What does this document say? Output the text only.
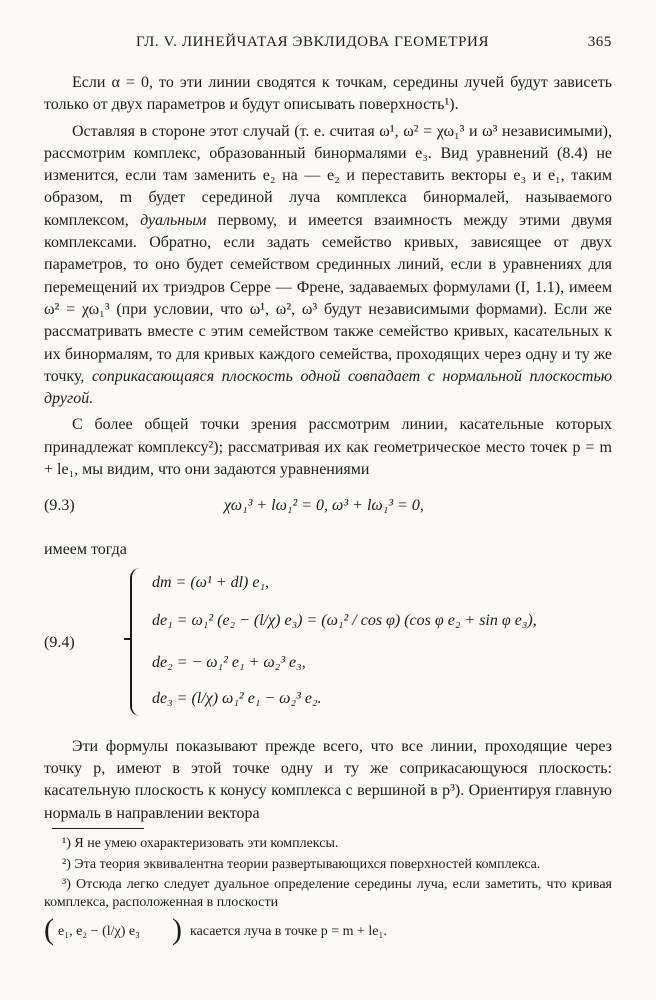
ГЛ. V. ЛИНЕЙЧАТАЯ ЭВКЛИДОВА ГЕОМЕТРИЯ	365

Если α = 0, то эти линии сводятся к точкам, середины лучей будут зависеть только от двух параметров и будут описывать поверхность¹).

Оставляя в стороне этот случай (т. е. считая ω¹, ω² = χω₁³ и ω³ независимыми), рассмотрим комплекс, образованный бинормалями e₃. Вид уравнений (8.4) не изменится, если там заменить e₂ на — e₂ и переставить векторы e₃ и e₁, таким образом, m будет серединой луча комплекса бинормалей, называемого комплексом, дуальным первому, и имеется взаимность между этими двумя комплексами. Обратно, если задать семейство кривых, зависящее от двух параметров, то оно будет семейством срединных линий, если в уравнениях для перемещений их триэдров Серре — Френе, задаваемых формулами (I, 1.1), имеем ω² = χω₁³ (при условии, что ω¹, ω², ω³ будут независимыми формами). Если же рассматривать вместе с этим семейством также семейство кривых, касательных к их бинормалям, то для кривых каждого семейства, проходящих через одну и ту же точку, соприкасающаяся плоскость одной совпадает с нормальной плоскостью другой.

С более общей точки зрения рассмотрим линии, касательные которых принадлежат комплексу²); рассматривая их как геометрическое место точек p = m + le₁, мы видим, что они задаются уравнениями

(9.3)	χω₁³ + lω₁² = 0, ω³ + lω₁³ = 0,

имеем тогда

(9.4)
dm = (ω¹ + dl) e₁,
de₁ = ω₁² (e₂ − (l/χ) e₃) = (ω₁² / cos φ) (cos φ e₂ + sin φ e₃),
de₂ = − ω₁² e₁ + ω₂³ e₃,
de₃ = (l/χ) ω₁² e₁ − ω₂³ e₂.

Эти формулы показывают прежде всего, что все линии, проходящие через точку p, имеют в этой точке одну и ту же соприкасающуюся плоскость: касательную плоскость к конусу комплекса с вершиной в p³). Ориентируя главную нормаль в направлении вектора

¹) Я не умею охарактеризовать эти комплексы.

²) Эта теория эквивалентна теории развертывающихся поверхностей комплекса.

³) Отсюда легко следует дуальное определение середины луча, если заметить, что кривая комплекса, расположенная в плоскости

( e₁, e₂ − (l/χ) e₃ ) касается луча в точке p = m + le₁.
